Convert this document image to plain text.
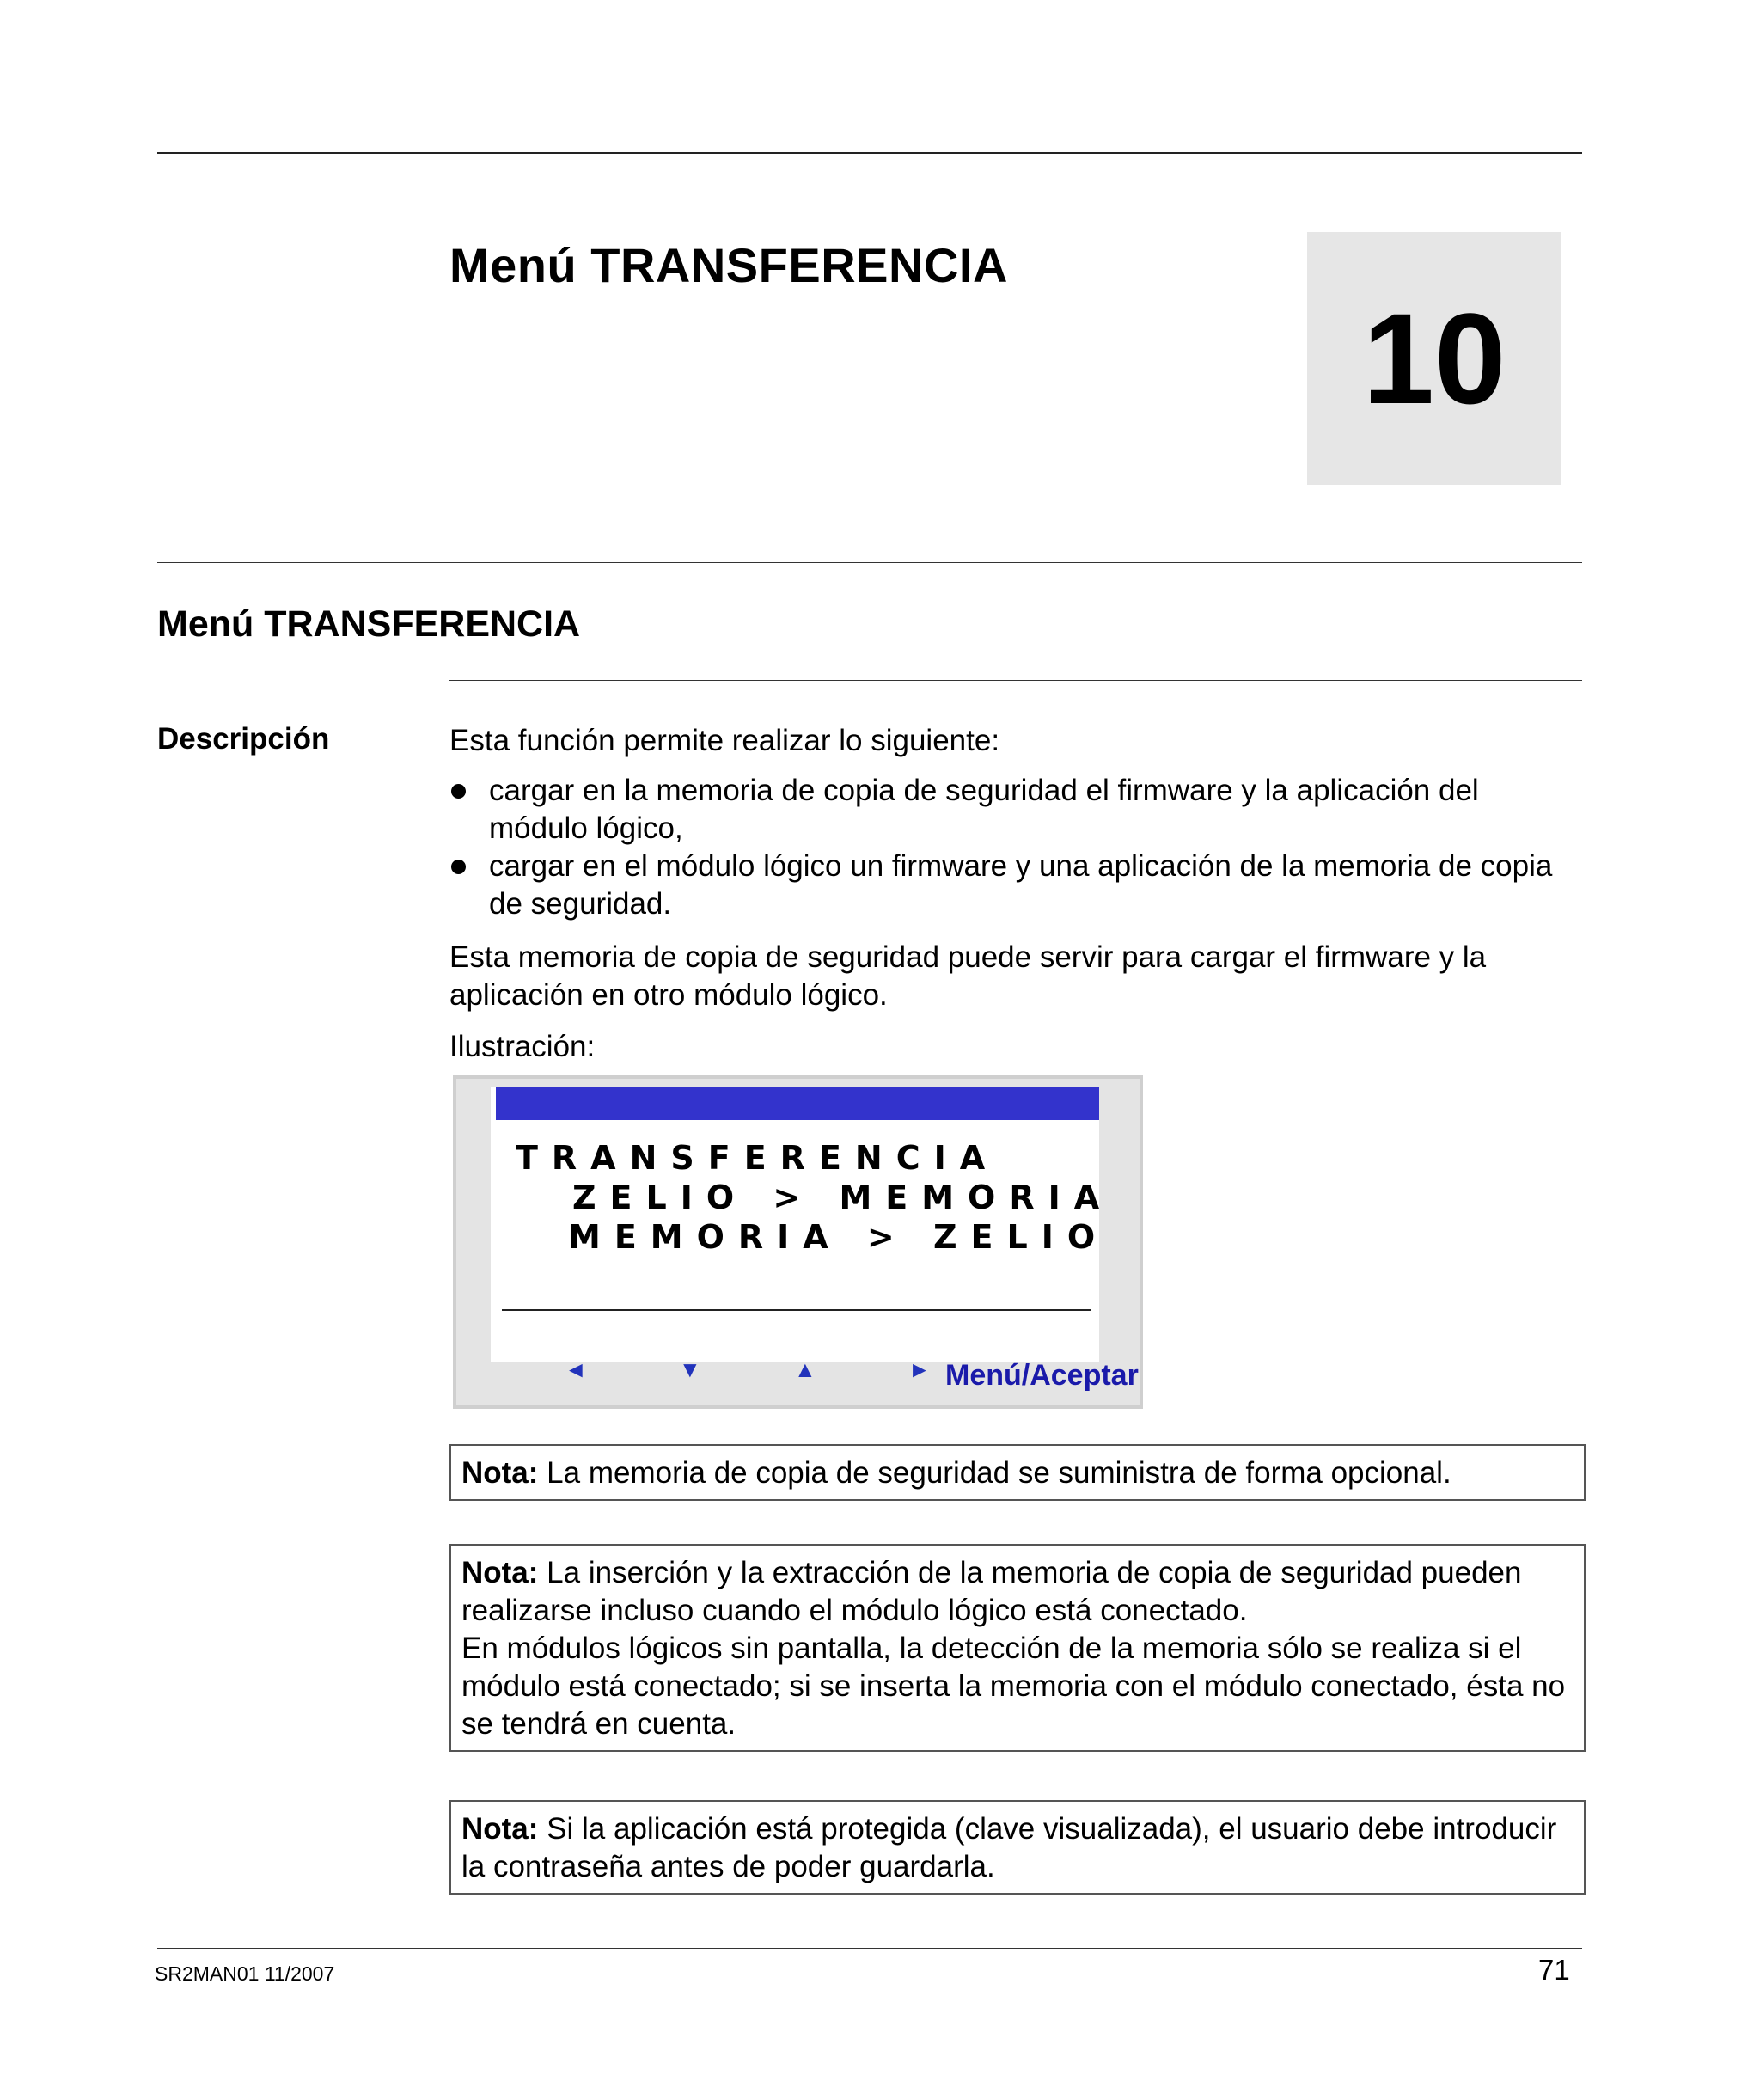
Menú TRANSFERENCIA
10
Menú TRANSFERENCIA
Descripción	Esta función permite realizar lo siguiente:
cargar en la memoria de copia de seguridad el firmware y la aplicación del módulo lógico,
cargar en el módulo lógico un firmware y una aplicación de la memoria de copia de seguridad.
Esta memoria de copia de seguridad puede servir para cargar el firmware y la aplicación en otro módulo lógico.
Ilustración:
TRANSFERENCIA
ZELIO > MEMORIA
MEMORIA > ZELIO
◄	▼	▲	► Menú/Aceptar
Nota: La memoria de copia de seguridad se suministra de forma opcional.
Nota: La inserción y la extracción de la memoria de copia de seguridad pueden realizarse incluso cuando el módulo lógico está conectado.
En módulos lógicos sin pantalla, la detección de la memoria sólo se realiza si el módulo está conectado; si se inserta la memoria con el módulo conectado, ésta no se tendrá en cuenta.
Nota: Si la aplicación está protegida (clave visualizada), el usuario debe introducir la contraseña antes de poder guardarla.
SR2MAN01 11/2007	71
